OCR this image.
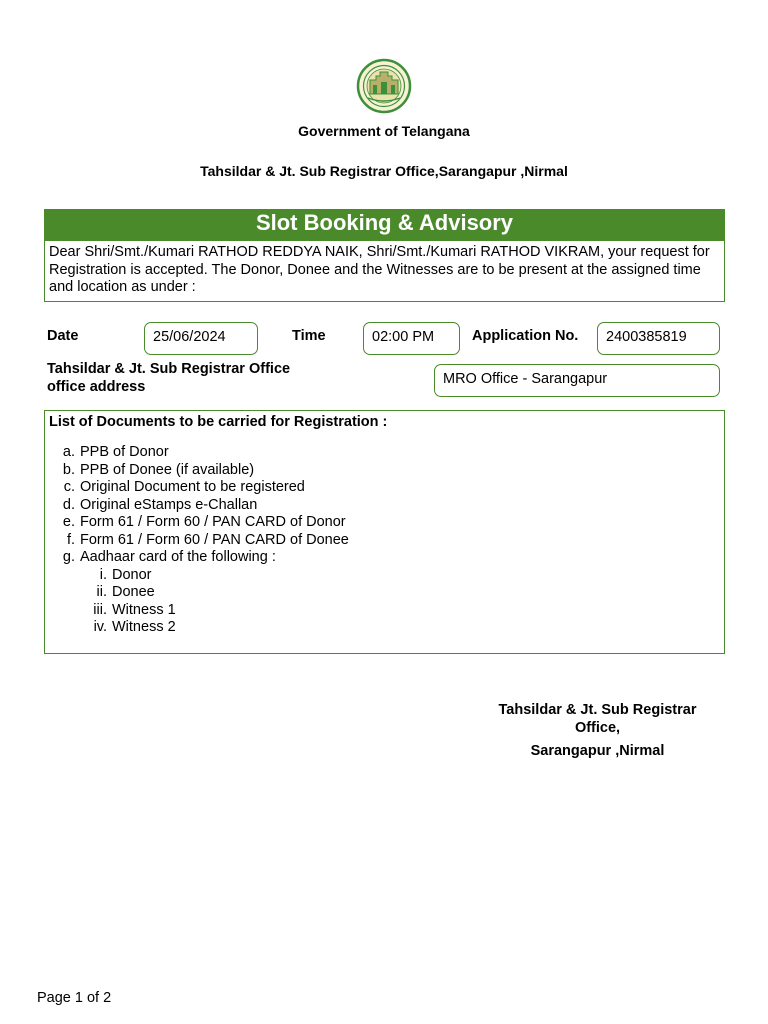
Government of Telangana
Tahsildar & Jt. Sub Registrar Office,Sarangapur ,Nirmal
Slot Booking & Advisory
Dear Shri/Smt./Kumari RATHOD REDDYA NAIK, Shri/Smt./Kumari RATHOD VIKRAM, your request for Registration is accepted. The Donor, Donee and the Witnesses are to be present at the assigned time and location as under :
Date	25/06/2024	Time	02:00 PM	Application No.	2400385819
Tahsildar & Jt. Sub Registrar Office
office address	MRO Office - Sarangapur
List of Documents to be carried for Registration :
a. PPB of Donor
b. PPB of Donee (if available)
c. Original Document to be registered
d. Original eStamps e-Challan
e. Form 61 / Form 60 / PAN CARD of Donor
f. Form 61 / Form 60 / PAN CARD of Donee
g. Aadhaar card of the following :
i. Donor
ii. Donee
iii. Witness 1
iv. Witness 2
Tahsildar & Jt. Sub Registrar
Office,
Sarangapur ,Nirmal
Page 1 of 2
